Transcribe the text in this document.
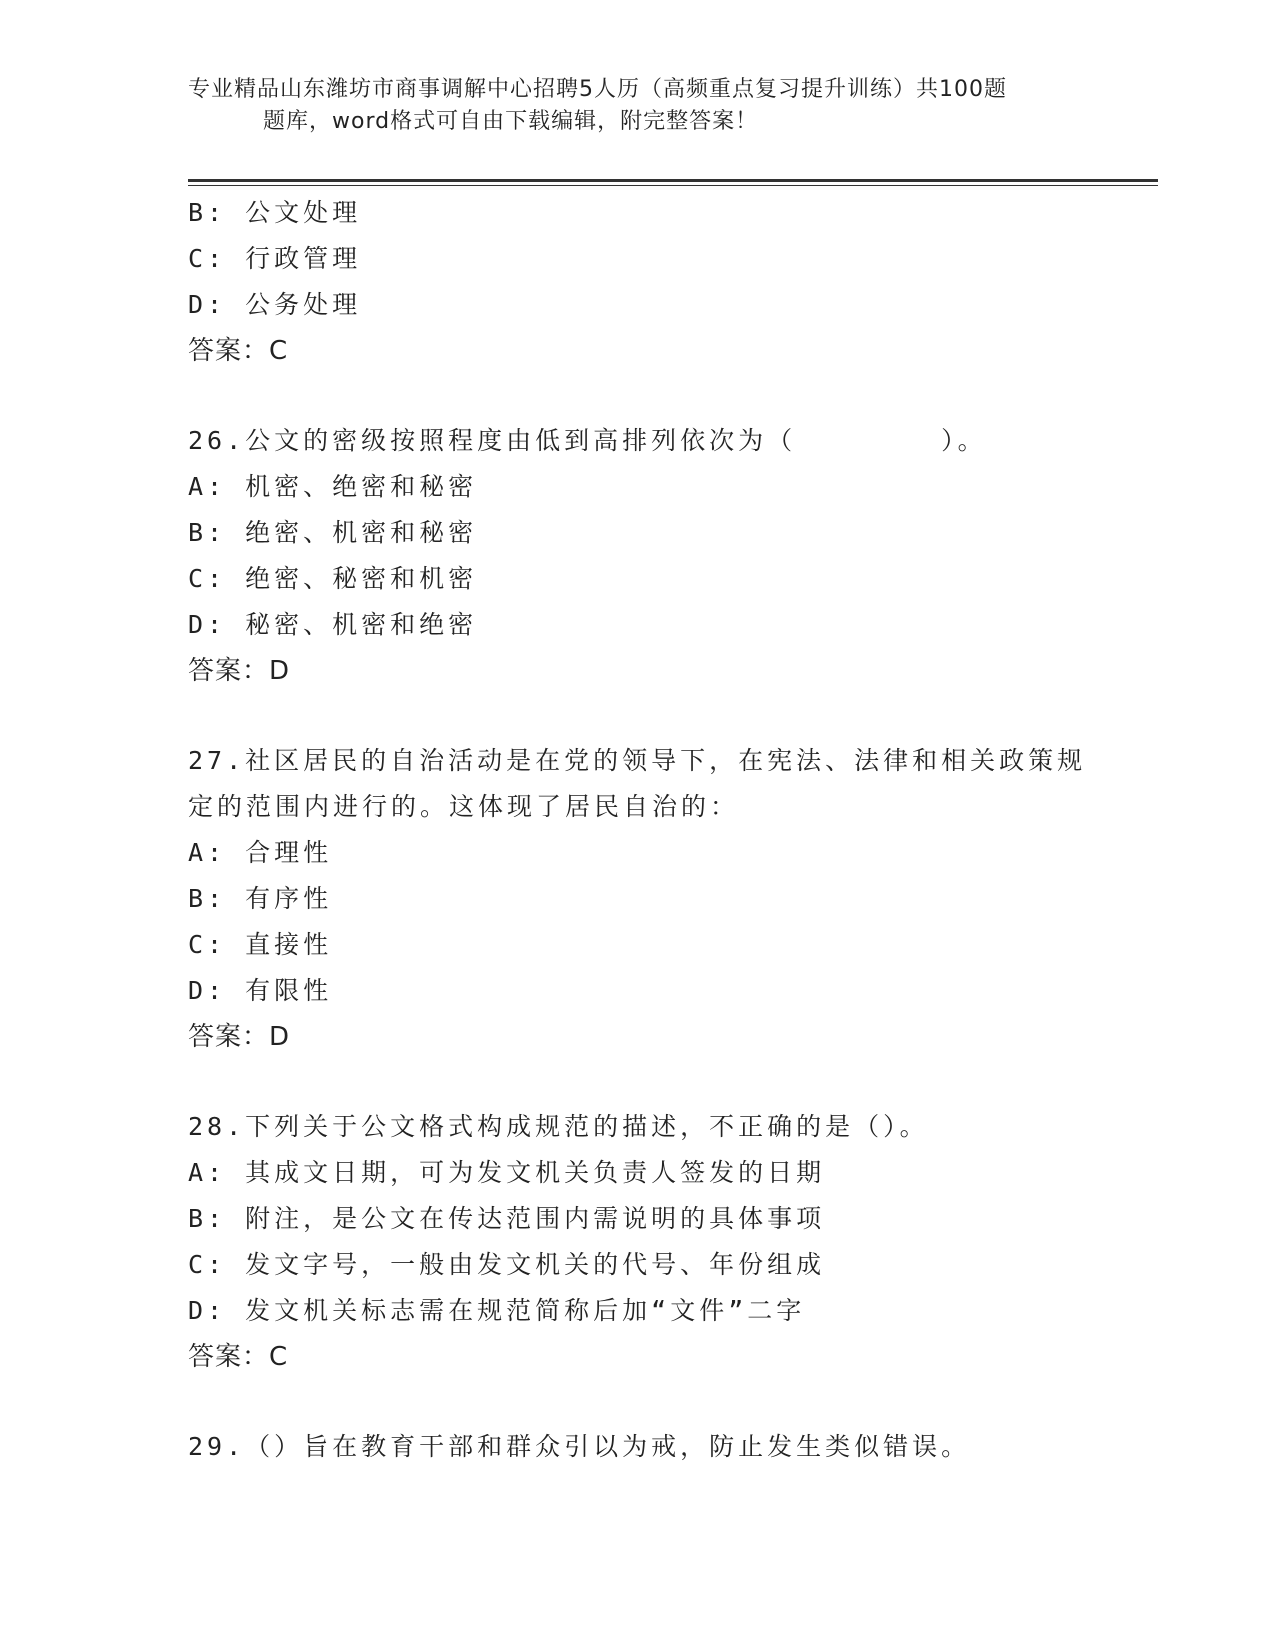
专业精品山东潍坊市商事调解中心招聘5人历（高频重点复习提升训练）共100题
题库，word格式可自由下载编辑，附完整答案！
B: 公文处理
C: 行政管理
D: 公务处理
答案：C
26.公文的密级按照程度由低到高排列依次为（　　　　　）。
A: 机密、绝密和秘密
B: 绝密、机密和秘密
C: 绝密、秘密和机密
D: 秘密、机密和绝密
答案：D
27.社区居民的自治活动是在党的领导下，在宪法、法律和相关政策规
定的范围内进行的。这体现了居民自治的：
A: 合理性
B: 有序性
C: 直接性
D: 有限性
答案：D
28.下列关于公文格式构成规范的描述，不正确的是（）。
A: 其成文日期，可为发文机关负责人签发的日期
B: 附注，是公文在传达范围内需说明的具体事项
C: 发文字号，一般由发文机关的代号、年份组成
D: 发文机关标志需在规范简称后加“文件”二字
答案：C
29.（）旨在教育干部和群众引以为戒，防止发生类似错误。
